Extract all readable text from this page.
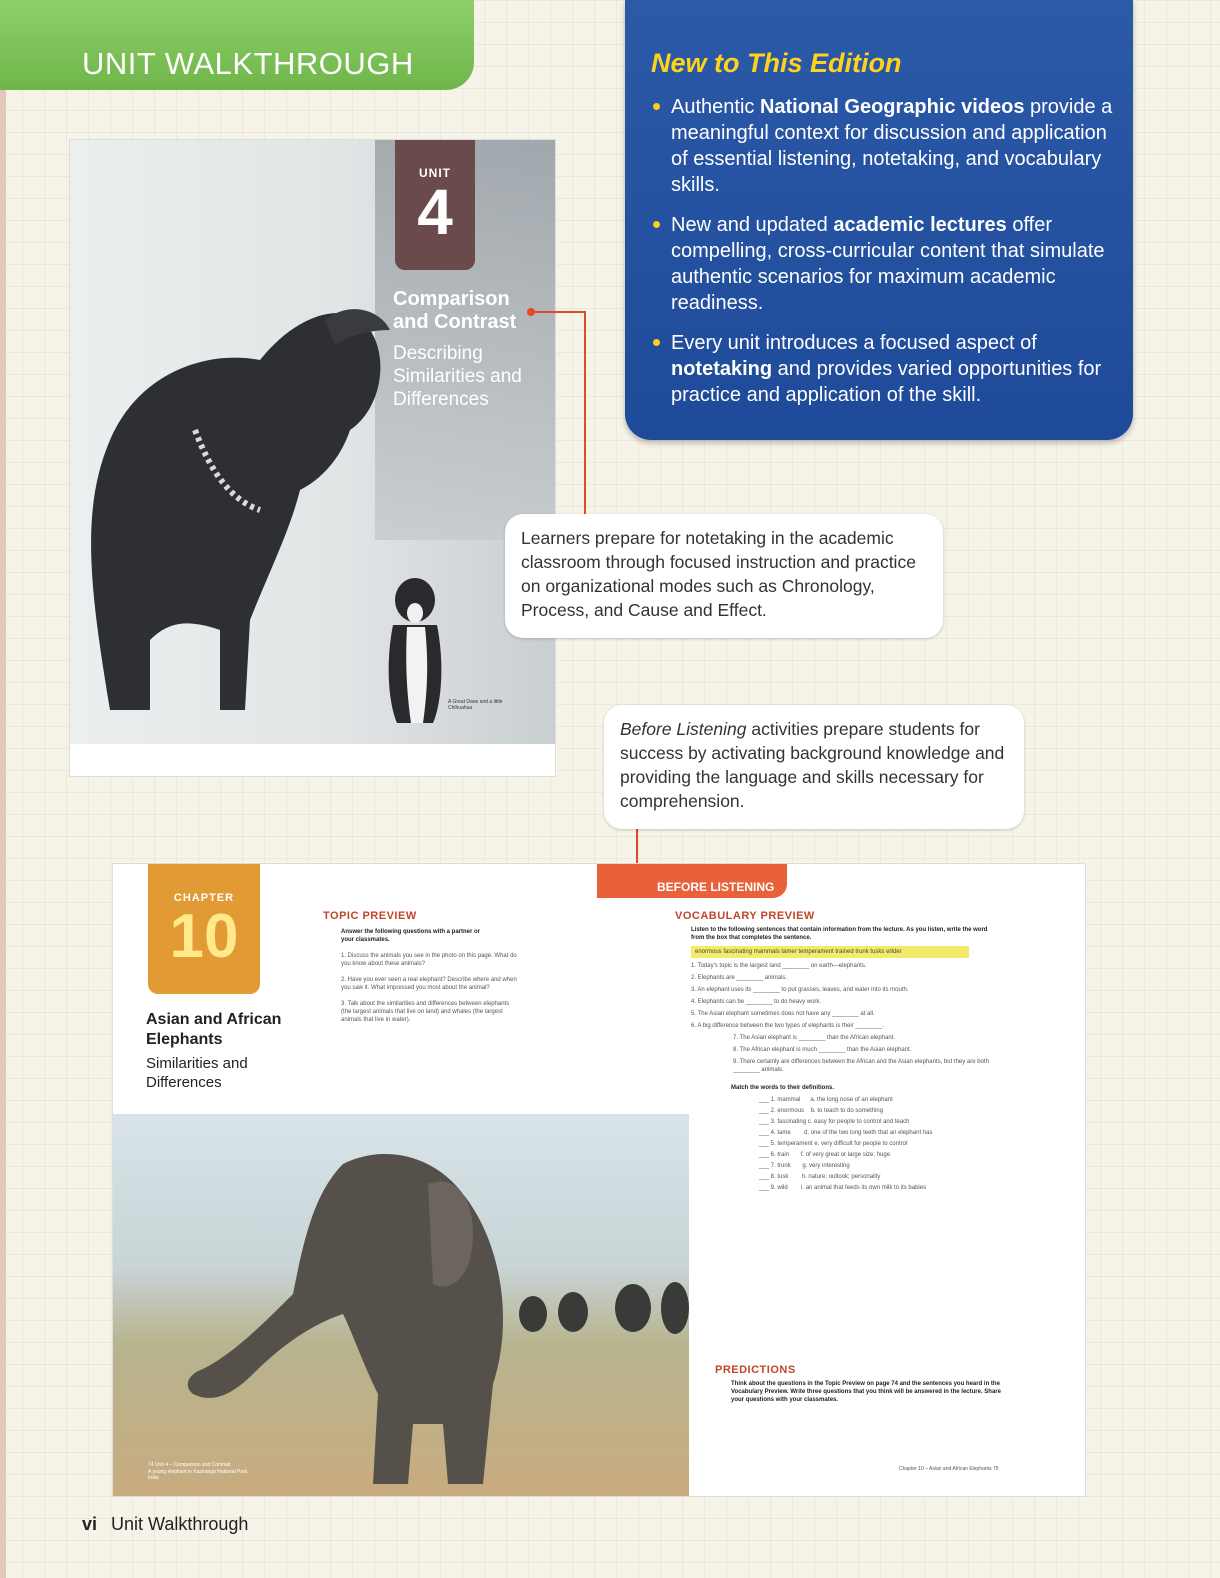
UNIT WALKTHROUGH	New to This Edition
Authentic National Geographic videos provide a meaningful context for discussion and application of essential listening, notetaking, and vocabulary skills.
New and updated academic lectures offer compelling, cross-curricular content that simulate authentic scenarios for maximum academic readiness.
Every unit introduces a focused aspect of notetaking and provides varied opportunities for practice and application of the skill.
UNIT
4
Comparison
and Contrast
Describing
Similarities and
Differences
A Great Dane and a little Chihuahua
Learners prepare for notetaking in the academic classroom through focused instruction and practice on organizational modes such as Chronology, Process, and Cause and Effect.
Before Listening activities prepare students for success by activating background knowledge and providing the language and skills necessary for comprehension.
CHAPTER
10
Asian and African
Elephants
Similarities and
Differences
TOPIC PREVIEW
Answer the following questions with a partner or your classmates.
1. Discuss the animals you see in the photo on this page. What do you know about these animals?
2. Have you ever seen a real elephant? Describe where and when you saw it. What impressed you most about the animal?
3. Talk about the similarities and differences between elephants (the largest animals that live on land) and whales (the largest animals that live in water).
A young elephant in Kaziranga National Park, India
74 Unit 4 – Comparison and Contrast
BEFORE LISTENING
VOCABULARY PREVIEW
Listen to the following sentences that contain information from the lecture. As you listen, write the word from the box that completes the sentence.
enormous fascinating mammals tamer temperament trained trunk tusks wilder
1. Today's topic is the largest land ________ on earth—elephants.
2. Elephants are ________ animals.
3. An elephant uses its ________ to put grasses, leaves, and water into its mouth.
4. Elephants can be ________ to do heavy work.
5. The Asian elephant sometimes does not have any ________ at all.
6. A big difference between the two types of elephants is their ________.
7. The Asian elephant is ________ than the African elephant.
8. The African elephant is much ________ than the Asian elephant.
9. There certainly are differences between the African and the Asian elephants, but they are both ________ animals.
Match the words to their definitions.
___ 1. mammal      a. the long nose of an elephant
___ 2. enormous    b. to teach to do something
___ 3. fascinating c. easy for people to control and teach
___ 4. tame        d. one of the two long teeth that an elephant has
___ 5. temperament e. very difficult for people to control
___ 6. train       f. of very great or large size; huge
___ 7. trunk       g. very interesting
___ 8. tusk        h. nature; outlook; personality
___ 9. wild        i. an animal that feeds its own milk to its babies
PREDICTIONS
Think about the questions in the Topic Preview on page 74 and the sentences you heard in the Vocabulary Preview. Write three questions that you think will be answered in the lecture. Share your questions with your classmates.
Chapter 10 – Asian and African Elephants 75
vi Unit Walkthrough
